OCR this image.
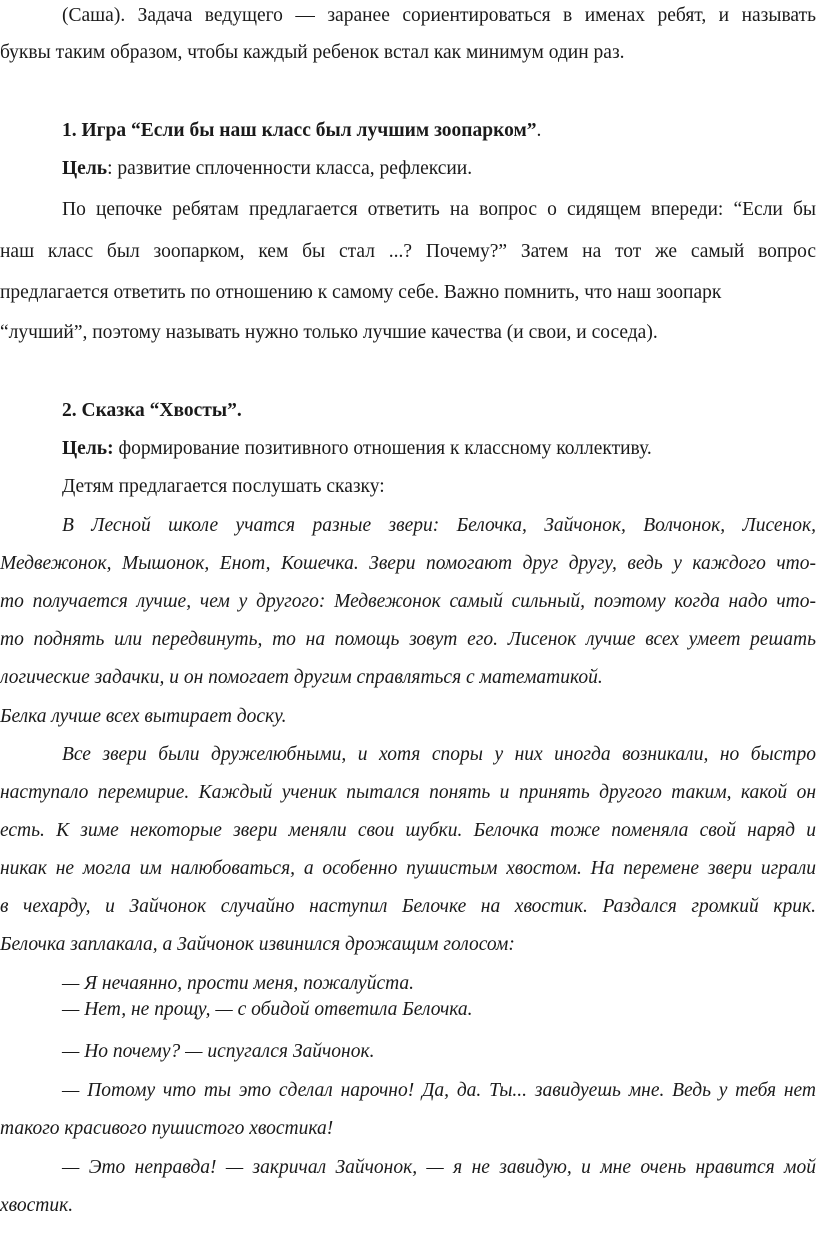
(Саша). Задача ведущего — заранее сориентироваться в именах ребят, и называть
буквы таким образом, чтобы каждый ребенок встал как минимум один раз.
1. Игра “Если бы наш класс был лучшим зоопарком”.
Цель: развитие сплоченности класса, рефлексии.
По цепочке ребятам предлагается ответить на вопрос о сидящем впереди: “Если бы
наш класс был зоопарком, кем бы стал ...? Почему?” Затем на тот же самый вопрос
предлагается ответить по отношению к самому себе. Важно помнить, что наш зоопарк
“лучший”, поэтому называть нужно только лучшие качества (и свои, и соседа).
2. Сказка “Хвосты”.
Цель: формирование позитивного отношения к классному коллективу.
Детям предлагается послушать сказку:
В Лесной школе учатся разные звери: Белочка, Зайчонок, Волчонок, Лисенок,
Медвежонок, Мышонок, Енот, Кошечка. Звери помогают друг другу, ведь у каждого что-
то получается лучше, чем у другого: Медвежонок самый сильный, поэтому когда надо что-
то поднять или передвинуть, то на помощь зовут его. Лисенок лучше всех умеет решать
логические задачки, и он помогает другим справляться с математикой.
Белка лучше всех вытирает доску.
Все звери были дружелюбными, и хотя споры у них иногда возникали, но быстро
наступало перемирие. Каждый ученик пытался понять и принять другого таким, какой он
есть. К зиме некоторые звери меняли свои шубки. Белочка тоже поменяла свой наряд и
никак не могла им налюбоваться, а особенно пушистым хвостом. На перемене звери играли
в чехарду, и Зайчонок случайно наступил Белочке на хвостик. Раздался громкий крик.
Белочка заплакала, а Зайчонок извинился дрожащим голосом:
— Я нечаянно, прости меня, пожалуйста.
— Нет, не прощу, — с обидой ответила Белочка.
— Но почему? — испугался Зайчонок.
— Потому что ты это сделал нарочно! Да, да. Ты... завидуешь мне. Ведь у тебя нет
такого красивого пушистого хвостика!
— Это неправда! — закричал Зайчонок, — я не завидую, и мне очень нравится мой
хвостик.
